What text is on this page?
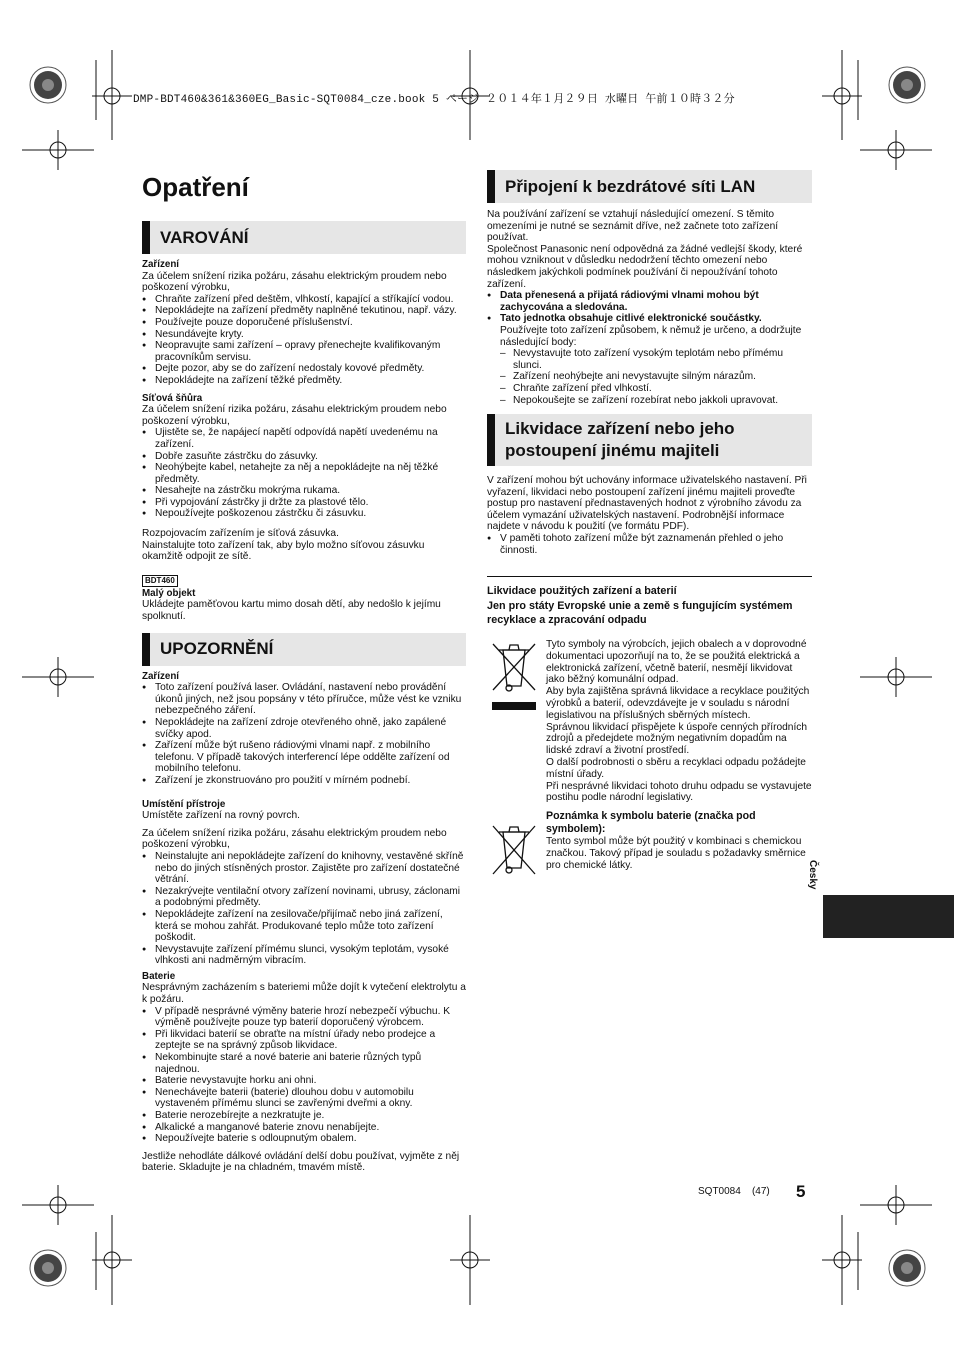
DMP-BDT460&361&360EG_Basic-SQT0084_cze.book 5 ページ ２０１４年１月２９日 水曜日 午前１０時３２分
Opatření
VAROVÁNÍ

Zařízení

Za účelem snížení rizika požáru, zásahu elektrickým proudem nebo poškození výrobku,

● Chraňte zařízení před deštěm, vlhkostí, kapající a stříkající vodou.
● Nepokládejte na zařízení předměty naplněné tekutinou, např. vázy.
● Používejte pouze doporučené příslušenství.
● Nesundávejte kryty.
● Neopravujte sami zařízení – opravy přenechejte kvalifikovaným pracovníkům servisu.
● Dejte pozor, aby se do zařízení nedostaly kovové předměty.
● Nepokládejte na zařízení těžké předměty.

Síťová šňůra

Za účelem snížení rizika požáru, zásahu elektrickým proudem nebo poškození výrobku,

● Ujistěte se, že napájecí napětí odpovídá napětí uvedenému na zařízení.
● Dobře zasuňte zástrčku do zásuvky.
● Neohýbejte kabel, netahejte za něj a nepokládejte na něj těžké předměty.
● Nesahejte na zástrčku mokrýma rukama.
● Při vypojování zástrčky ji držte za plastové tělo.
● Nepoužívejte poškozenou zástrčku či zásuvku.

Rozpojovacím zařízením je síťová zásuvka.

Nainstalujte toto zařízení tak, aby bylo možno síťovou zásuvku okamžitě odpojit ze sítě.

BDT460

Malý objekt

Ukládejte paměťovou kartu mimo dosah dětí, aby nedošlo k jejímu spolknutí.

UPOZORNĚNÍ

Zařízení

● Toto zařízení používá laser. Ovládání, nastavení nebo provádění úkonů jiných, než jsou popsány v této příručce, může vést ke vzniku nebezpečného záření.
● Nepokládejte na zařízení zdroje otevřeného ohně, jako zapálené svíčky apod.
● Zařízení může být rušeno rádiovými vlnami např. z mobilního telefonu. V případě takových interferencí lépe oddělte zařízení od mobilního telefonu.
● Zařízení je zkonstruováno pro použití v mírném podnebí.

Umístění přístroje

Umístěte zařízení na rovný povrch.

Za účelem snížení rizika požáru, zásahu elektrickým proudem nebo poškození výrobku,

● Neinstalujte ani nepokládejte zařízení do knihovny, vestavěné skříně nebo do jiných stísněných prostor. Zajistěte pro zařízení dostatečné větrání.
● Nezakrývejte ventilační otvory zařízení novinami, ubrusy, záclonami a podobnými předměty.
● Nepokládejte zařízení na zesilovače/přijímač nebo jiná zařízení, která se mohou zahřát. Produkované teplo může toto zařízení poškodit.
● Nevystavujte zařízení přímému slunci, vysokým teplotám, vysoké vlhkosti ani nadměrným vibracím.

Baterie

Nesprávným zacházením s bateriemi může dojít k vytečení elektrolytu a k požáru.

● V případě nesprávné výměny baterie hrozí nebezpečí výbuchu. K výměně používejte pouze typ baterií doporučený výrobcem.
● Při likvidaci baterií se obraťte na místní úřady nebo prodejce a zeptejte se na správný způsob likvidace.
● Nekombinujte staré a nové baterie ani baterie různých typů najednou.
● Baterie nevystavujte horku ani ohni.
● Nenechávejte baterii (baterie) dlouhou dobu v automobilu vystaveném přímému slunci se zavřenými dveřmi a okny.
● Baterie nerozebírejte a nezkratujte je.
● Alkalické a manganové baterie znovu nenabíjejte.
● Nepoužívejte baterie s odloupnutým obalem.

Jestliže nehodláte dálkové ovládání delší dobu používat, vyjměte z něj baterie. Skladujte je na chladném, tmavém místě.

Připojení k bezdrátové síti LAN

Na používání zařízení se vztahují následující omezení. S těmito omezeními je nutné se seznámit dříve, než začnete toto zařízení používat.

Společnost Panasonic není odpovědná za žádné vedlejší škody, které mohou vzniknout v důsledku nedodržení těchto omezení nebo následkem jakýchkoli podmínek používání či nepoužívání tohoto zařízení.

● Data přenesená a přijatá rádiovými vlnami mohou být zachycována a sledována.
● Tato jednotka obsahuje citlivé elektronické součástky.
Používejte toto zařízení způsobem, k němuž je určeno, a dodržujte následující body:
– Nevystavujte toto zařízení vysokým teplotám nebo přímému slunci.
– Zařízení neohýbejte ani nevystavujte silným nárazům.
– Chraňte zařízení před vlhkostí.
– Nepokoušejte se zařízení rozebírat nebo jakkoli upravovat.
Likvidace zařízení nebo jeho
postoupení jinému majiteli

V zařízení mohou být uchovány informace uživatelského nastavení. Při vyřazení, likvidaci nebo postoupení zařízení jinému majiteli proveďte postup pro nastavení přednastavených hodnot z výrobního závodu za účelem vymazání uživatelských nastavení. Podrobnější informace najdete v návodu k použití (ve formátu PDF).

● V paměti tohoto zařízení může být zaznamenán přehled o jeho činnosti.

Likvidace použitých zařízení a baterií

Jen pro státy Evropské unie a země s fungujícím systémem recyklace a zpracování odpadu

Tyto symboly na výrobcích, jejich obalech a v doprovodné dokumentaci upozorňují na to, že se použitá elektrická a elektronická zařízení, včetně baterií, nesmějí likvidovat jako běžný komunální odpad.

Aby byla zajištěna správná likvidace a recyklace použitých výrobků a baterií, odevzdávejte je v souladu s národní legislativou na příslušných sběrných místech.

Správnou likvidací přispějete k úspoře cenných přírodních zdrojů a předejdete možným negativním dopadům na lidské zdraví a životní prostředí.

O další podrobnosti o sběru a recyklaci odpadu požádejte místní úřady.

Při nesprávné likvidaci tohoto druhu odpadu se vystavujete postihu podle národní legislativy.

Poznámka k symbolu baterie (značka pod symbolem):

Tento symbol může být použitý v kombinaci s chemickou značkou. Takový případ je souladu s požadavky směrnice pro chemické látky.	Česky
SQT0084 (47) 5
